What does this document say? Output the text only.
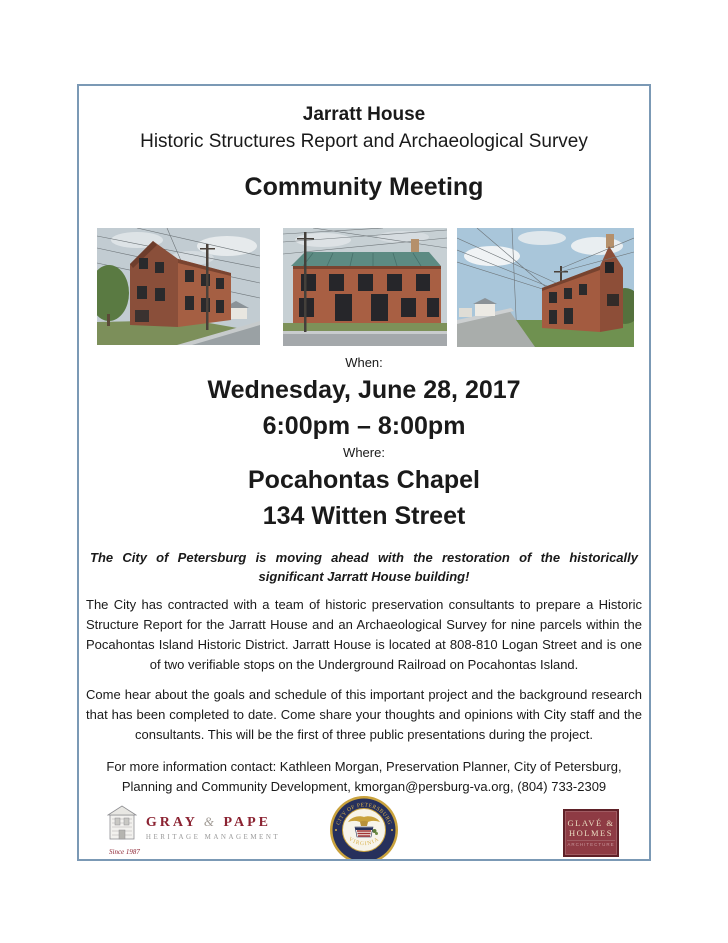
Jarratt House
Historic Structures Report and Archaeological Survey
Community Meeting
When:
Wednesday, June 28, 2017
6:00pm – 8:00pm
Where:
Pocahontas Chapel
134 Witten Street

The City of Petersburg is moving ahead with the restoration of the historically significant Jarratt House building!

The City has contracted with a team of historic preservation consultants to prepare a Historic Structure Report for the Jarratt House and an Archaeological Survey for nine parcels within the Pocahontas Island Historic District. Jarratt House is located at 808-810 Logan Street and is one of two verifiable stops on the Underground Railroad on Pocahontas Island.

Come hear about the goals and schedule of this important project and the background research that has been completed to date. Come share your thoughts and opinions with City staff and the consultants. This will be the first of three public presentations during the project.

For more information contact: Kathleen Morgan, Preservation Planner, City of Petersburg, Planning and Community Development, kmorgan@persburg-va.org, (804) 733-2309

Since 1987
GRAY & PAPE
HERITAGE MANAGEMENT
CITY OF PETERSBURG
VIRGINIA
GLAVÉ &
HOLMES
ARCHITECTURE
